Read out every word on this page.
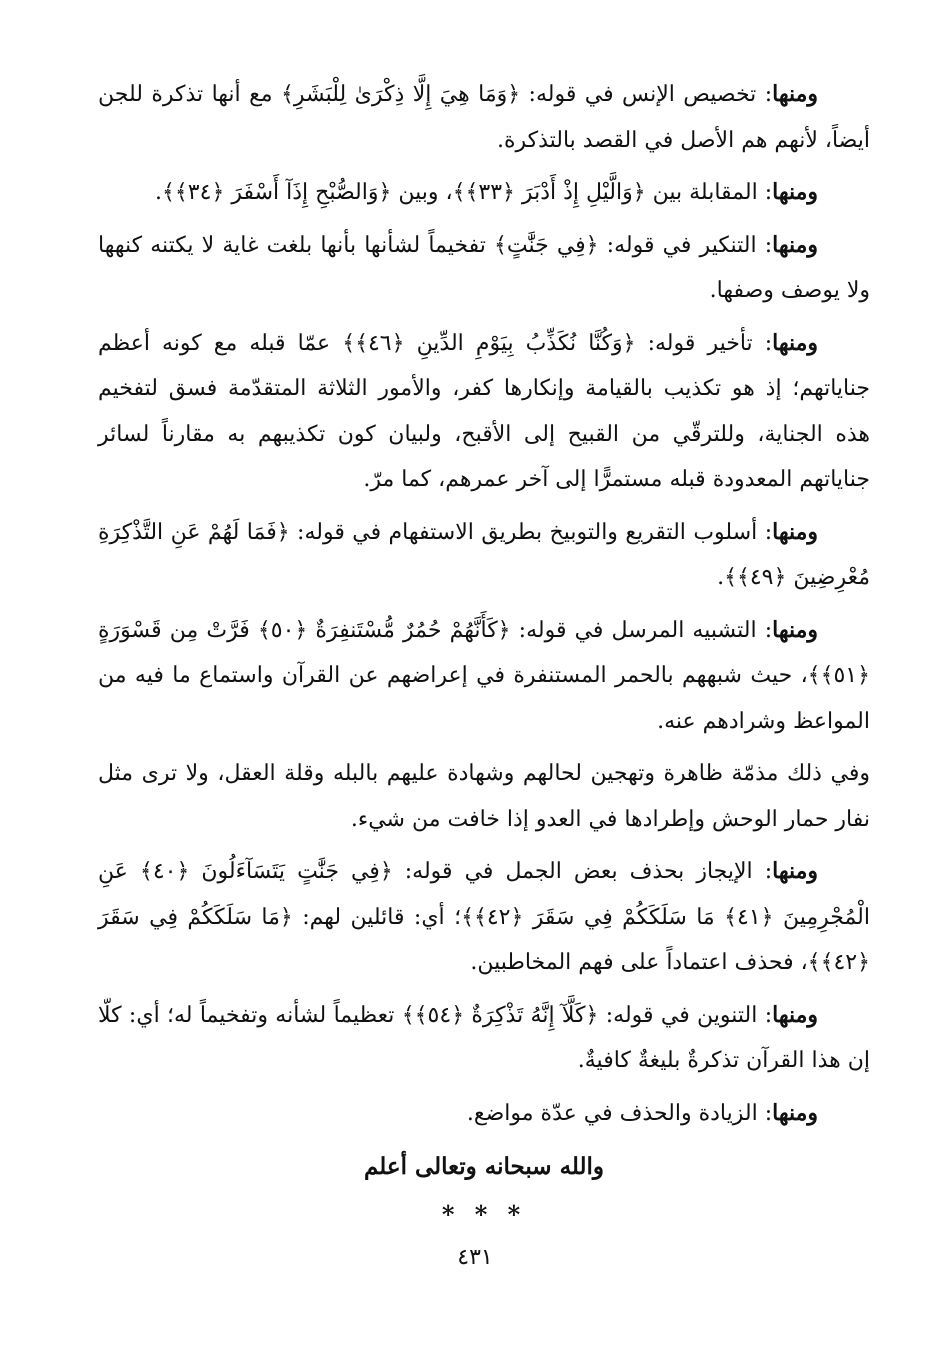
ومنها: تخصيص الإنس في قوله: ﴿وَمَا هِيَ إِلَّا ذِكْرَىٰ لِلْبَشَرِ﴾ مع أنها تذكرة للجن أيضاً، لأنهم هم الأصل في القصد بالتذكرة.

ومنها: المقابلة بين ﴿وَالَّيْلِ إِذْ أَدْبَرَ ﴿٣٣﴾﴾، وبين ﴿وَالصُّبْحِ إِذَآ أَسْفَرَ ﴿٣٤﴾﴾.

ومنها: التنكير في قوله: ﴿فِي جَنَّٰتٍ﴾ تفخيماً لشأنها بأنها بلغت غاية لا يكتنه كنهها ولا يوصف وصفها.

ومنها: تأخير قوله: ﴿وَكُنَّا نُكَذِّبُ بِيَوْمِ الدِّينِ ﴿٤٦﴾﴾ عمّا قبله مع كونه أعظم جناياتهم؛ إذ هو تكذيب بالقيامة وإنكارها كفر، والأمور الثلاثة المتقدّمة فسق لتفخيم هذه الجناية، وللترقّي من القبيح إلى الأقبح، ولبيان كون تكذيبهم به مقارناً لسائر جناياتهم المعدودة قبله مستمرًّا إلى آخر عمرهم، كما مرّ.

ومنها: أسلوب التقريع والتوبيخ بطريق الاستفهام في قوله: ﴿فَمَا لَهُمْ عَنِ التَّذْكِرَةِ مُعْرِضِينَ ﴿٤٩﴾﴾.

ومنها: التشبيه المرسل في قوله: ﴿كَأَنَّهُمْ حُمُرٌ مُّسْتَنفِرَةٌ ﴿٥٠﴾ فَرَّتْ مِن قَسْوَرَةٍ ﴿٥١﴾﴾، حيث شبههم بالحمر المستنفرة في إعراضهم عن القرآن واستماع ما فيه من المواعظ وشرادهم عنه.

وفي ذلك مذمّة ظاهرة وتهجين لحالهم وشهادة عليهم بالبله وقلة العقل، ولا ترى مثل نفار حمار الوحش وإطرادها في العدو إذا خافت من شيء.

ومنها: الإيجاز بحذف بعض الجمل في قوله: ﴿فِي جَنَّٰتٍ يَتَسَآءَلُونَ ﴿٤٠﴾ عَنِ الْمُجْرِمِينَ ﴿٤١﴾ مَا سَلَكَكُمْ فِي سَقَرَ ﴿٤٢﴾﴾؛ أي: قائلين لهم: ﴿مَا سَلَكَكُمْ فِي سَقَرَ ﴿٤٢﴾﴾، فحذف اعتماداً على فهم المخاطبين.

ومنها: التنوين في قوله: ﴿كَلَّآ إِنَّهُ تَذْكِرَةٌ ﴿٥٤﴾﴾ تعظيماً لشأنه وتفخيماً له؛ أي: كلّا إن هذا القرآن تذكرةٌ بليغةٌ كافيةٌ.

ومنها: الزيادة والحذف في عدّة مواضع.

والله سبحانه وتعالى أعلم
* * *
٤٣١
